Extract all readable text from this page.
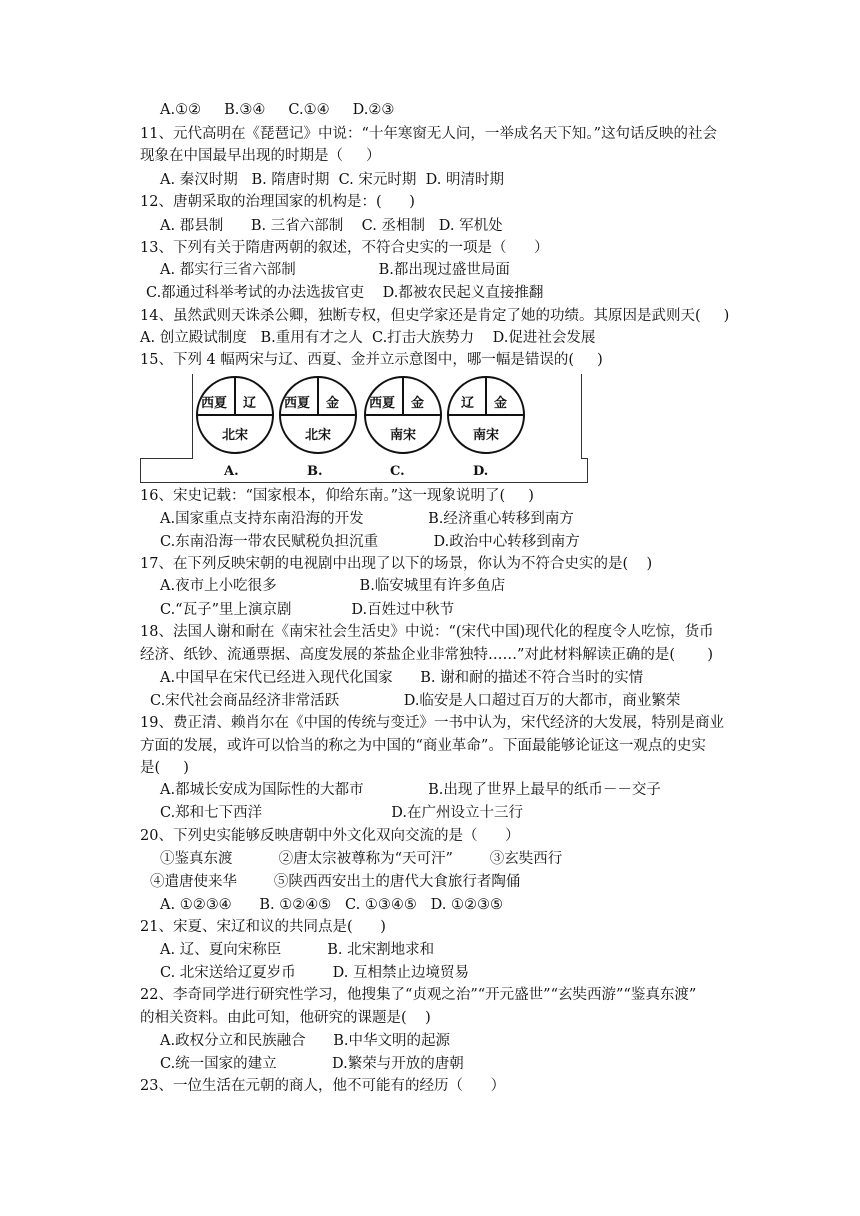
A.①②     B.③④     C.①④     D.②③
11、元代高明在《琵琶记》中说：“十年寒窗无人问，一举成名天下知。”这句话反映的社会
现象在中国最早出现的时期是（     ）
A. 秦汉时期   B. 隋唐时期  C. 宋元时期  D. 明清时期
12、唐朝采取的治理国家的机构是：(      )
A. 郡县制      B. 三省六部制    C. 丞相制   D. 军机处
13、下列有关于隋唐两朝的叙述，不符合史实的一项是（      ）
A. 都实行三省六部制                  B.都出现过盛世局面
C.都通过科举考试的办法选拔官吏    D.都被农民起义直接推翻
14、虽然武则天诛杀公卿，独断专权，但史学家还是肯定了她的功绩。其原因是武则天(     )
A. 创立殿试制度   B.重用有才之人  C.打击大族势力    D.促进社会发展
15、下列 4 幅两宋与辽、西夏、金并立示意图中，哪一幅是错误的(     )
16、宋史记载：“国家根本，仰给东南。”这一现象说明了(     )
A.国家重点支持东南沿海的开发              B.经济重心转移到南方
C.东南沿海一带农民赋税负担沉重            D.政治中心转移到南方
17、在下列反映宋朝的电视剧中出现了以下的场景，你认为不符合史实的是(    )
A.夜市上小吃很多                  B.临安城里有许多鱼店
C.“瓦子”里上演京剧             D.百姓过中秋节
18、法国人谢和耐在《南宋社会生活史》中说：“(宋代中国)现代化的程度令人吃惊，货币
经济、纸钞、流通票据、高度发展的茶盐企业非常独特……”对此材料解读正确的是(       )
A.中国早在宋代已经进入现代化国家      B. 谢和耐的描述不符合当时的实情
C.宋代社会商品经济非常活跃              D.临安是人口超过百万的大都市，商业繁荣
19、费正清、赖肖尔在《中国的传统与变迁》一书中认为，宋代经济的大发展，特别是商业
方面的发展，或许可以恰当的称之为中国的“商业革命”。下面最能够论证这一观点的史实
是(     )
A.都城长安成为国际性的大都市              B.出现了世界上最早的纸币－－交子
C.郑和七下西洋                            D.在广州设立十三行
20、下列史实能够反映唐朝中外文化双向交流的是（      ）
①鉴真东渡          ②唐太宗被尊称为“天可汗”        ③玄奘西行
④遣唐使来华        ⑤陕西西安出土的唐代大食旅行者陶俑
A. ①②③④      B. ①②④⑤   C. ①③④⑤   D. ①②③⑤
21、宋夏、宋辽和议的共同点是(      )
A. 辽、夏向宋称臣          B. 北宋割地求和
C. 北宋送给辽夏岁币        D. 互相禁止边境贸易
22、李奇同学进行研究性学习，他搜集了“贞观之治”“开元盛世”“玄奘西游”“鉴真东渡”
的相关资料。由此可知，他研究的课题是(    )
A.政权分立和民族融合      B.中华文明的起源
C.统一国家的建立            D.繁荣与开放的唐朝
23、一位生活在元朝的商人，他不可能有的经历（      ）
西夏 辽
北宋
西夏 金
北宋
西夏 金
南宋
辽 金
南宋
A.	B.	C.	D.
